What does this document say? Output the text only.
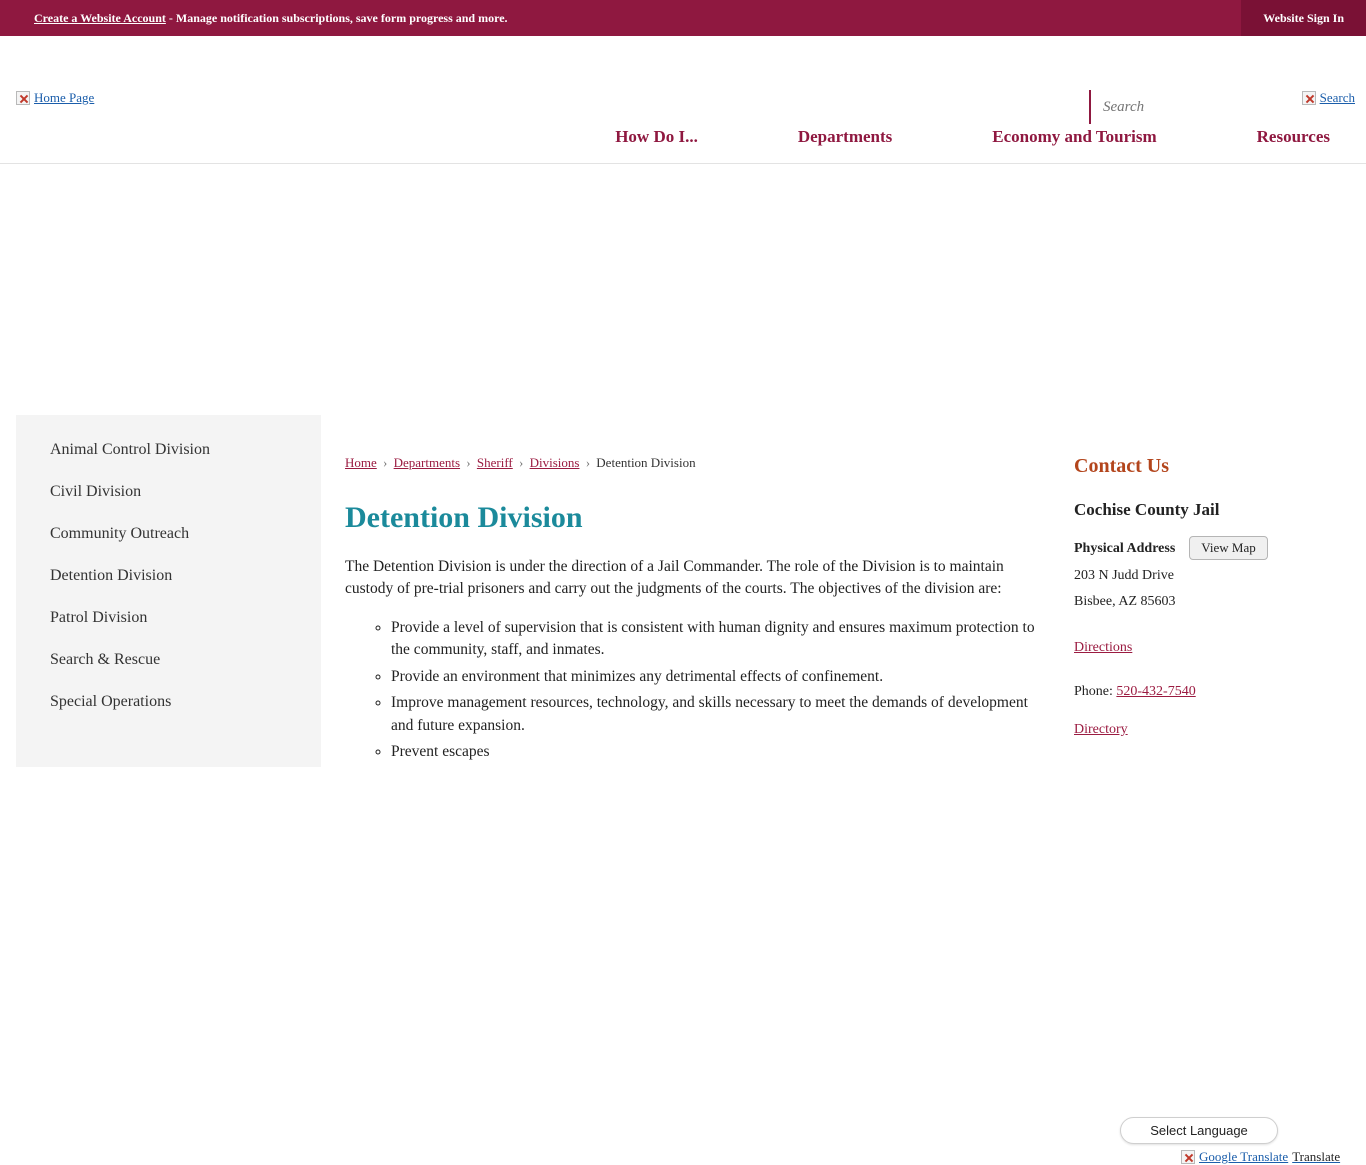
Create a Website Account - Manage notification subscriptions, save form progress and more.	Website Sign In
Home Page
Search	Search
How Do I...	Departments	Economy and Tourism	Resources
Animal Control Division
Civil Division
Community Outreach
Detention Division
Patrol Division
Search & Rescue
Special Operations
Home › Departments › Sheriff › Divisions › Detention Division
Detention Division

The Detention Division is under the direction of a Jail Commander. The role of the Division is to maintain custody of pre-trial prisoners and carry out the judgments of the courts. The objectives of the division are:

◦ Provide a level of supervision that is consistent with human dignity and ensures maximum protection to the community, staff, and inmates.
◦ Provide an environment that minimizes any detrimental effects of confinement.
◦ Improve management resources, technology, and skills necessary to meet the demands of development and future expansion.
◦ Prevent escapes
Contact Us
Cochise County Jail
Physical Address View Map
203 N Judd Drive
Bisbee, AZ 85603
Directions
Phone: 520-432-7540
Directory
Select Language
Google Translate Translate
